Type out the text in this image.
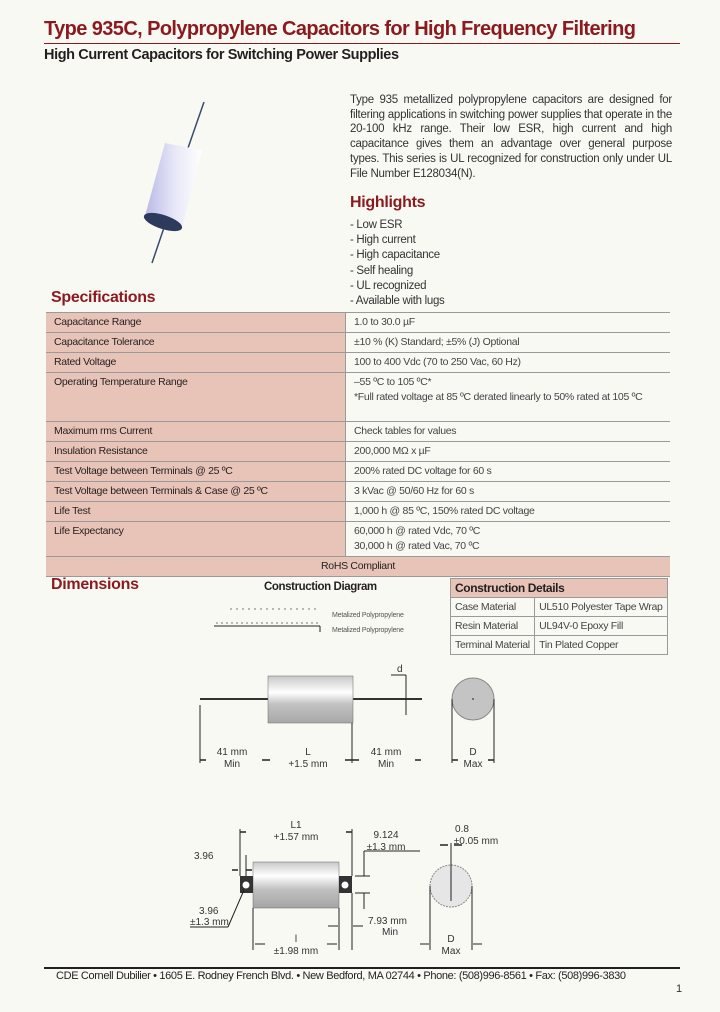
Type 935C, Polypropylene Capacitors for High Frequency Filtering
High Current Capacitors for Switching Power Supplies
Type 935 metallized polypropylene capacitors are designed for filtering applications in switching power supplies that operate in the 20-100 kHz range. Their low ESR, high current and high capacitance gives them an advantage over general purpose types. This series is UL recognized for construction only under UL File Number E128034(N).
Highlights
- Low ESR
- High current
- High capacitance
- Self healing
- UL recognized
- Available with lugs
Specifications
Capacitance Range	1.0 to 30.0 µF
Capacitance Tolerance	±10 % (K) Standard; ±5% (J) Optional
Rated Voltage	100 to 400 Vdc (70 to 250 Vac, 60 Hz)
Operating Temperature Range	–55 ºC to 105 ºC*
*Full rated voltage at 85 ºC derated linearly to 50% rated at 105 ºC

Maximum rms Current	Check tables for values
Insulation Resistance	200,000 MΩ x µF
Test Voltage between Terminals @ 25 ºC	200% rated DC voltage for 60 s
Test Voltage between Terminals & Case @ 25 ºC	3 kVac @ 50/60 Hz for 60 s
Life Test	1,000 h @ 85 ºC, 150% rated DC voltage
Life Expectancy	60,000 h @ rated Vdc, 70 ºC
30,000 h @ rated Vac, 70 ºC

RoHS Compliant	
Dimensions	Construction Diagram
Metalized Polypropylene
Metalized Polypropylene
Construction Details	
Case Material	UL510 Polyester Tape Wrap
Resin Material	UL94V-0 Epoxy Fill
Terminal Material	Tin Plated Copper
d
41 mm
Min
L
+1.5 mm
41 mm
Min
D
Max
L1
+1.57 mm
3.96
3.96
±1.3 mm
9.124
±1.3 mm
7.93 mm
Min
l
±1.98 mm
0.8
±0.05 mm
D
Max
CDE Cornell Dubilier • 1605 E. Rodney French Blvd. • New Bedford, MA 02744 • Phone: (508)996-8561 • Fax: (508)996-3830
1
